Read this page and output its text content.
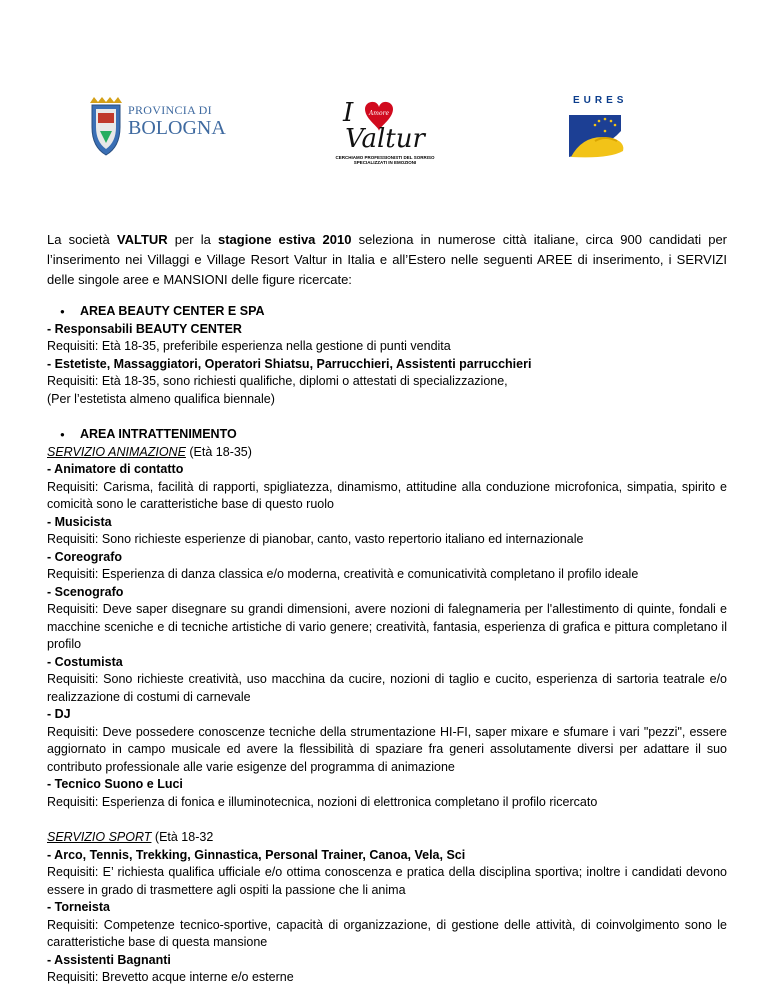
PROVINCIA DI
BOLOGNA	I	Amore
Valtur
CERCHIAMO PROFESSIONISTI DEL SORRISO
SPECIALIZZATI IN EMOZIONI
EURES

La società VALTUR per la stagione estiva 2010 seleziona in numerose città italiane, circa 900 candidati per l’inserimento nei Villaggi e Village Resort Valtur in Italia e all’Estero nelle seguenti AREE di inserimento, i SERVIZI delle singole aree e MANSIONI delle figure ricercate:

● AREA BEAUTY CENTER E SPA

- Responsabili BEAUTY CENTER

Requisiti: Età 18-35, preferibile esperienza nella gestione di punti vendita

- Estetiste, Massaggiatori, Operatori Shiatsu, Parrucchieri, Assistenti parrucchieri

Requisiti: Età 18-35, sono richiesti qualifiche, diplomi o attestati di specializzazione,

(Per l’estetista almeno qualifica biennale)

● AREA INTRATTENIMENTO

SERVIZIO ANIMAZIONE (Età 18-35)

- Animatore di contatto

Requisiti: Carisma, facilità di rapporti, spigliatezza, dinamismo, attitudine alla conduzione microfonica, simpatia, spirito e comicità sono le caratteristiche base di questo ruolo

- Musicista

Requisiti: Sono richieste esperienze di pianobar, canto, vasto repertorio italiano ed internazionale

- Coreografo

Requisiti: Esperienza di danza classica e/o moderna, creatività e comunicatività completano il profilo ideale

- Scenografo

Requisiti: Deve saper disegnare su grandi dimensioni, avere nozioni di falegnameria per l'allestimento di quinte, fondali e macchine sceniche e di tecniche artistiche di vario genere; creatività, fantasia, esperienza di grafica e pittura completano il profilo

- Costumista

Requisiti: Sono richieste creatività, uso macchina da cucire, nozioni di taglio e cucito, esperienza di sartoria teatrale e/o realizzazione di costumi di carnevale

- DJ

Requisiti: Deve possedere conoscenze tecniche della strumentazione HI-FI, saper mixare e sfumare i vari "pezzi", essere aggiornato in campo musicale ed avere la flessibilità di spaziare fra generi assolutamente diversi per adattare il suo contributo professionale alle varie esigenze del programma di animazione

- Tecnico Suono e Luci

Requisiti: Esperienza di fonica e illuminotecnica, nozioni di elettronica completano il profilo ricercato

SERVIZIO SPORT (Età 18-32

- Arco, Tennis, Trekking, Ginnastica, Personal Trainer, Canoa, Vela, Sci

Requisiti: E’ richiesta qualifica ufficiale e/o ottima conoscenza e pratica della disciplina sportiva; inoltre i candidati devono essere in grado di trasmettere agli ospiti la passione che li anima

- Torneista

Requisiti: Competenze tecnico-sportive, capacità di organizzazione, di gestione delle attività, di coinvolgimento sono le caratteristiche base di questa mansione

- Assistenti Bagnanti

Requisiti: Brevetto acque interne e/o esterne
